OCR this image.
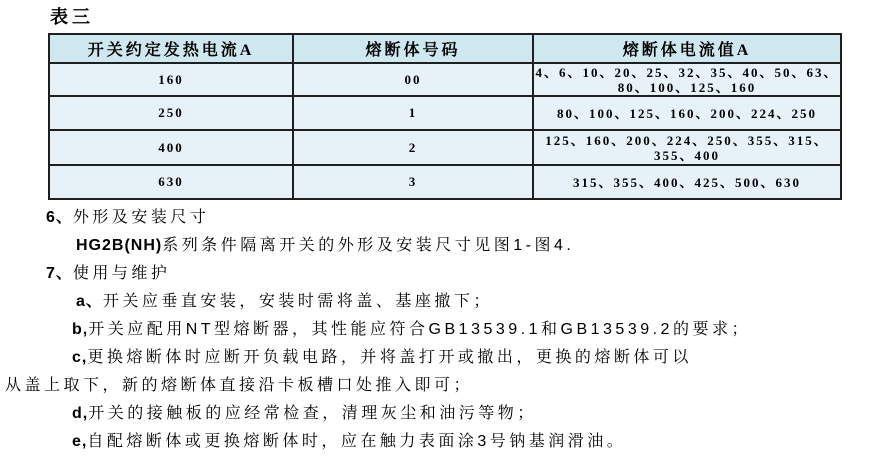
表三
开关约定发热电流A	熔断体号码	熔断体电流值A
160	00	4、6、10、20、25、32、35、40、50、63、
80、100、125、160

250	1	80、100、125、160、200、224、250

400	2	125、160、200、224、250、355、315、
355、400

630	3	315、355、400、425、500、630
6、外形及安装尺寸
HG2B(NH)系列条件隔离开关的外形及安装尺寸见图1-图4.
7、使用与维护
a、开关应垂直安装，安装时需将盖、基座撤下；
b,开关应配用NT型熔断器，其性能应符合GB13539.1和GB13539.2的要求；
c,更换熔断体时应断开负载电路，并将盖打开或撤出，更换的熔断体可以
从盖上取下，新的熔断体直接沿卡板槽口处推入即可；
d,开关的接触板的应经常检查，清理灰尘和油污等物；
e,自配熔断体或更换熔断体时，应在触力表面涂3号钠基润滑油。
